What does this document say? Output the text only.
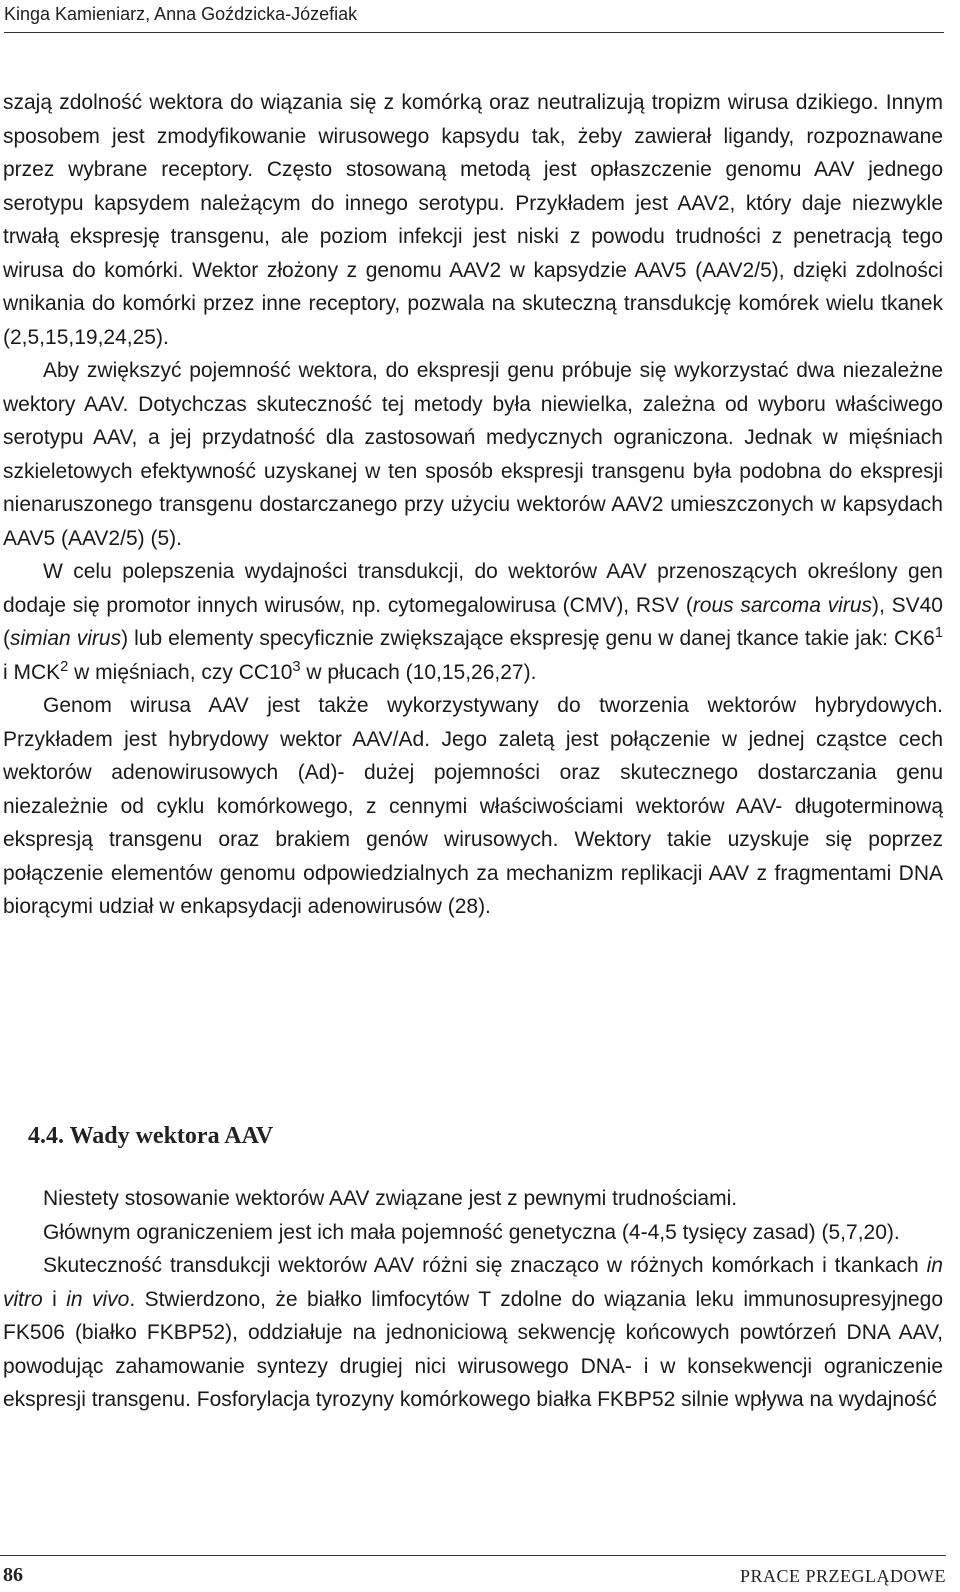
Kinga Kamieniarz, Anna Goździcka-Józefiak

szają zdolność wektora do wiązania się z komórką oraz neutralizują tropizm wirusa dzikiego. Innym sposobem jest zmodyfikowanie wirusowego kapsydu tak, żeby zawierał ligandy, rozpoznawane przez wybrane receptory. Często stosowaną metodą jest opłaszczenie genomu AAV jednego serotypu kapsydem należącym do innego serotypu. Przykładem jest AAV2, który daje niezwykle trwałą ekspresję transgenu, ale poziom infekcji jest niski z powodu trudności z penetracją tego wirusa do komórki. Wektor złożony z genomu AAV2 w kapsydzie AAV5 (AAV2/5), dzięki zdolności wnikania do komórki przez inne receptory, pozwala na skuteczną transdukcję komórek wielu tkanek (2,5,15,19,24,25).

Aby zwiększyć pojemność wektora, do ekspresji genu próbuje się wykorzystać dwa niezależne wektory AAV. Dotychczas skuteczność tej metody była niewielka, zależna od wyboru właściwego serotypu AAV, a jej przydatność dla zastosowań medycznych ograniczona. Jednak w mięśniach szkieletowych efektywność uzyskanej w ten sposób ekspresji transgenu była podobna do ekspresji nienaruszonego transgenu dostarczanego przy użyciu wektorów AAV2 umieszczonych w kapsydach AAV5 (AAV2/5) (5).

W celu polepszenia wydajności transdukcji, do wektorów AAV przenoszących określony gen dodaje się promotor innych wirusów, np. cytomegalowirusa (CMV), RSV (rous sarcoma virus), SV40 (simian virus) lub elementy specyficznie zwiększające ekspresję genu w danej tkance takie jak: $CK6^1$ i MCK$^2$ w mięśniach, czy $CC10^3$ w płucach (10,15,26,27).

Genom wirusa AAV jest także wykorzystywany do tworzenia wektorów hybrydowych. Przykładem jest hybrydowy wektor AAV/Ad. Jego zaletą jest połączenie w jednej cząstce cech wektorów adenowirusowych (Ad)- dużej pojemności oraz skutecznego dostarczania genu niezależnie od cyklu komórkowego, z cennymi właściwościami wektorów AAV- długoterminową ekspresją transgenu oraz brakiem genów wirusowych. Wektory takie uzyskuje się poprzez połączenie elementów genomu odpowiedzialnych za mechanizm replikacji AAV z fragmentami DNA biorącymi udział w enkapsydacji adenowirusów (28).

4.4. Wady wektora AAV

Niestety stosowanie wektorów AAV związane jest z pewnymi trudnościami.

Głównym ograniczeniem jest ich mała pojemność genetyczna (4-4,5 tysięcy zasad) (5,7,20).

Skuteczność transdukcji wektorów AAV różni się znacząco w różnych komórkach i tkankach in vitro i in vivo. Stwierdzono, że białko limfocytów T zdolne do wiązania leku immunosupresyjnego FK506 (białko FKBP52), oddziałuje na jednoniciową sekwencję końcowych powtórzeń DNA AAV, powodując zahamowanie syntezy drugiej nici wirusowego DNA- i w konsekwencji ograniczenie ekspresji transgenu. Fosforylacja tyrozyny komórkowego białka FKBP52 silnie wpływa na wydajność

86	PRACE PRZEGLĄDOWE
